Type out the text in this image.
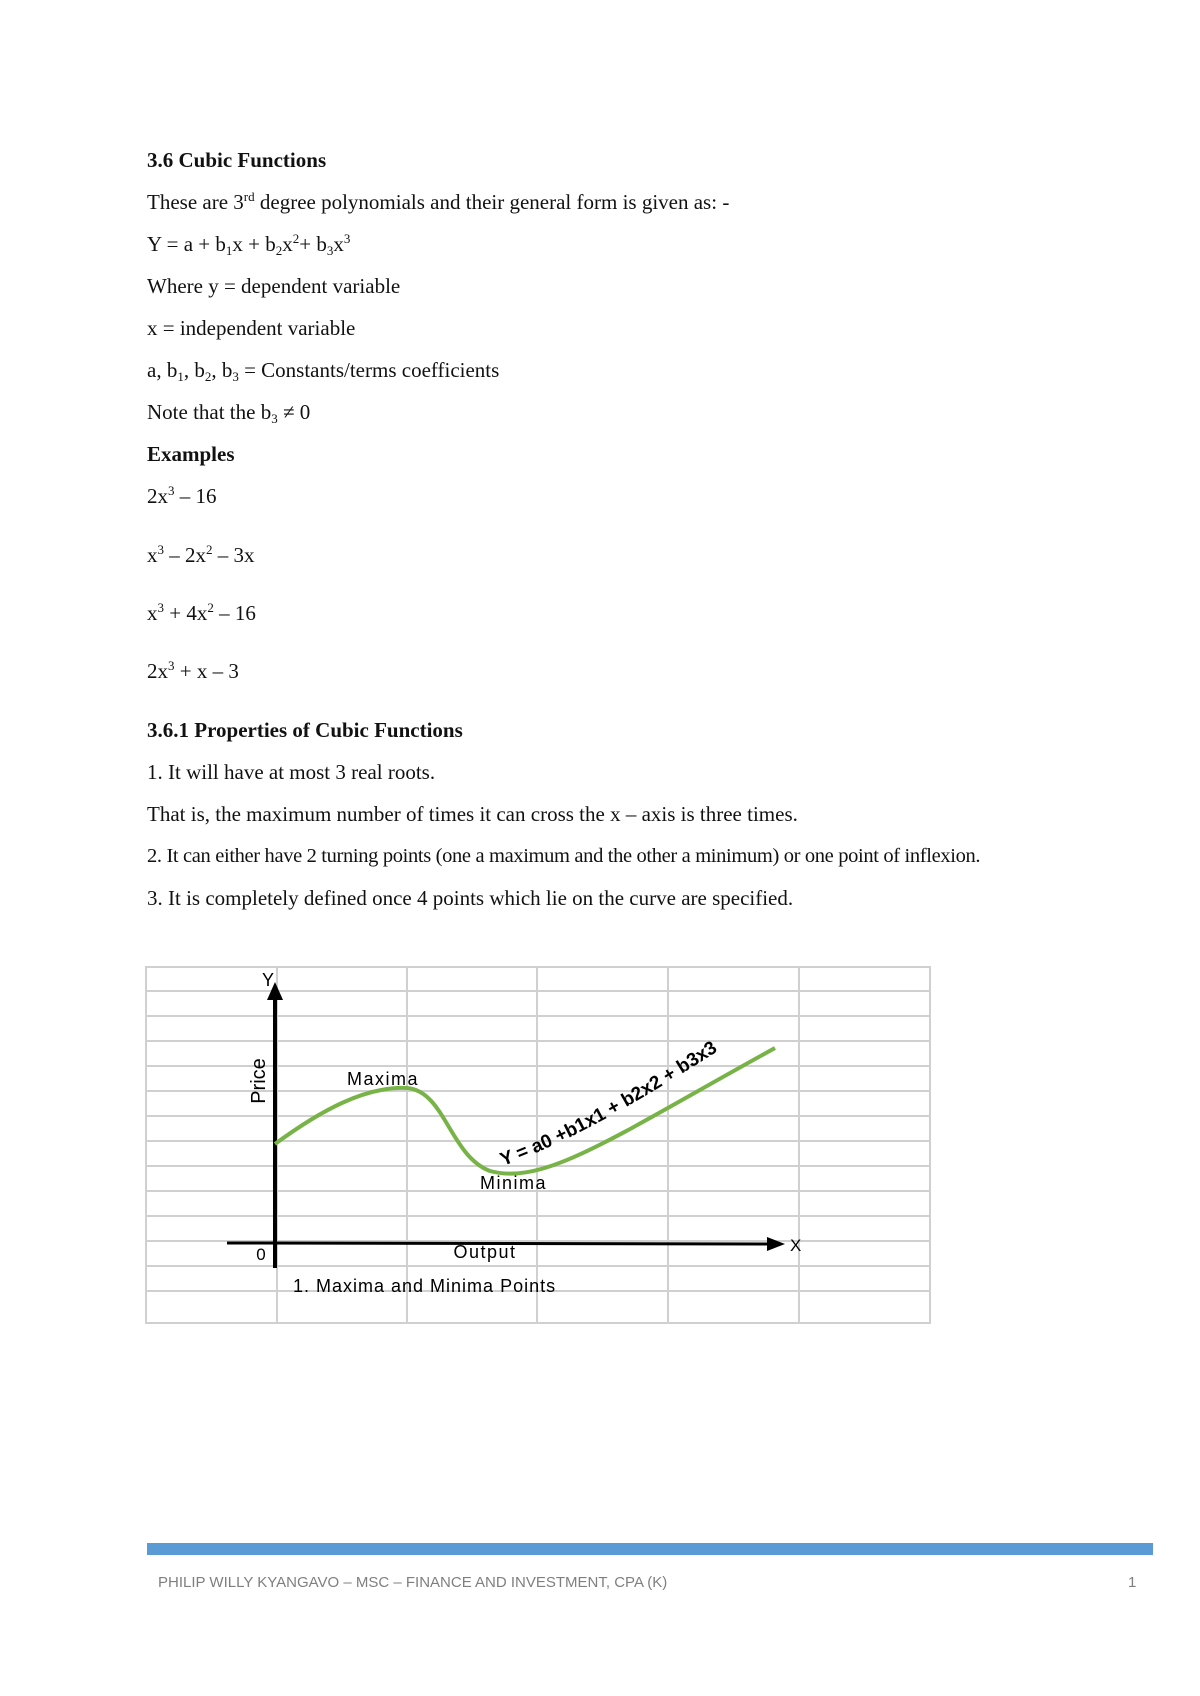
3.6 Cubic Functions
These are 3rd degree polynomials and their general form is given as: -
$Y = a + b_1x + b_2x^2+ b_3x^3$
Where y = dependent variable
x = independent variable
a, $b_1$, $b_2$, $b_3$ = Constants/terms coefficients
Note that the $b_3 \ne 0$
Examples
$2x^3 - 16$
$x^3 - 2x^2 - 3x$
$x^3 + 4x^2 - 16$
$2x^3 + x - 3$
3.6.1 Properties of Cubic Functions
1. It will have at most 3 real roots.
That is, the maximum number of times it can cross the x – axis is three times.
2. It can either have 2 turning points (one a maximum and the other a minimum) or one point of inflexion.
3. It is completely defined once 4 points which lie on the curve are specified.
Y
X
0
Price
Output
Maxima
Minima
Y = a0 +b1x1 + b2x2 + b3x3
1. Maxima and Minima Points
PHILIP WILLY KYANGAVO – MSC – FINANCE AND INVESTMENT, CPA (K)	1
